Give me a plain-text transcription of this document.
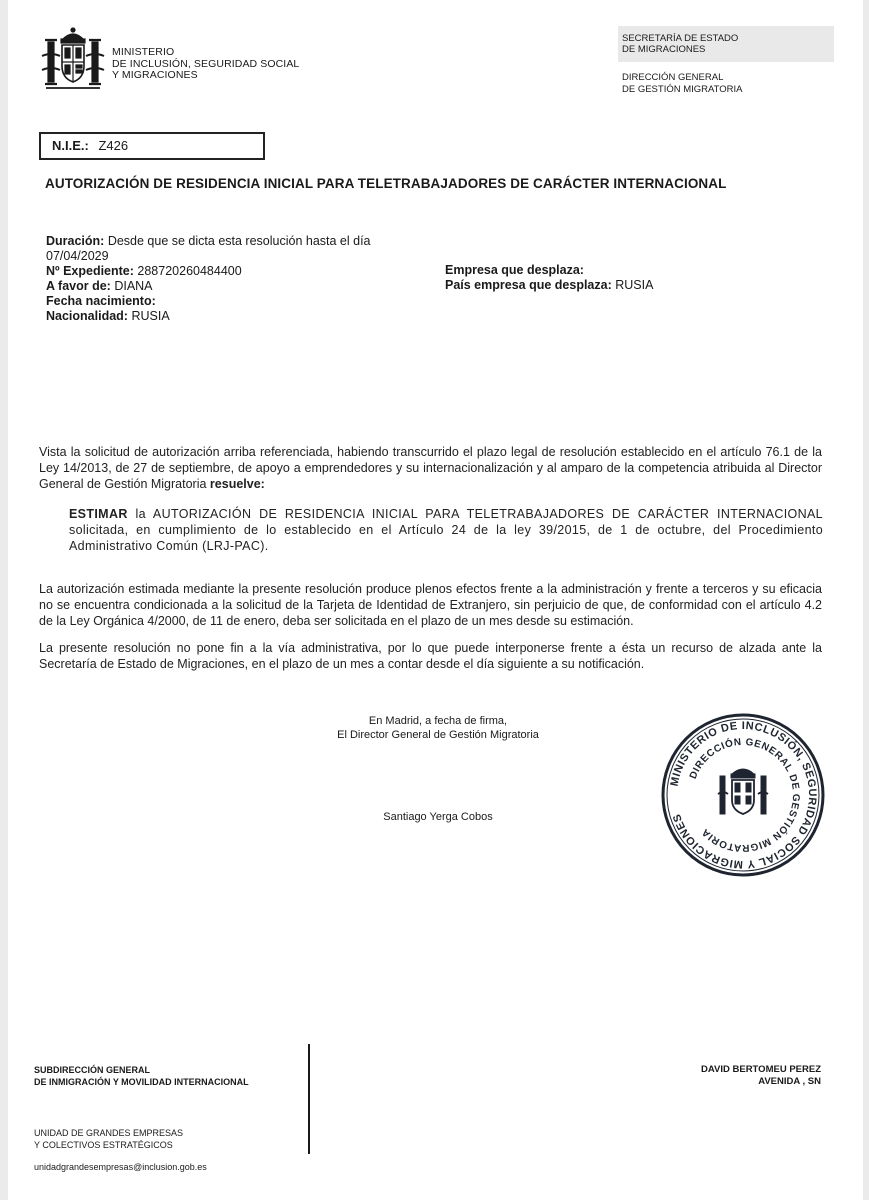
MINISTERIO
DE INCLUSIÓN, SEGURIDAD SOCIAL
Y MIGRACIONES
SECRETARÍA DE ESTADO
DE MIGRACIONES
DIRECCIÓN GENERAL
DE GESTIÓN MIGRATORIA
N.I.E.: Z426
AUTORIZACIÓN DE RESIDENCIA INICIAL PARA TELETRABAJADORES DE CARÁCTER INTERNACIONAL
Duración: Desde que se dicta esta resolución hasta el día
07/04/2029
Nº Expediente: 288720260484400
A favor de: DIANA
Fecha nacimiento:
Nacionalidad: RUSIA
Empresa que desplaza:
País empresa que desplaza: RUSIA
Vista la solicitud de autorización arriba referenciada, habiendo transcurrido el plazo legal de resolución establecido en el artículo 76.1 de la Ley 14/2013, de 27 de septiembre, de apoyo a emprendedores y su internacionalización y al amparo de la competencia atribuida al Director General de Gestión Migratoria resuelve:
ESTIMAR la AUTORIZACIÓN DE RESIDENCIA INICIAL PARA TELETRABAJADORES DE CARÁCTER INTERNACIONAL solicitada, en cumplimiento de lo establecido en el Artículo 24 de la ley 39/2015, de 1 de octubre, del Procedimiento Administrativo Común (LRJ-PAC).
La autorización estimada mediante la presente resolución produce plenos efectos frente a la administración y frente a terceros y su eficacia no se encuentra condicionada a la solicitud de la Tarjeta de Identidad de Extranjero, sin perjuicio de que, de conformidad con el artículo 4.2 de la Ley Orgánica 4/2000, de 11 de enero, deba ser solicitada en el plazo de un mes desde su estimación.
La presente resolución no pone fin a la vía administrativa, por lo que puede interponerse frente a ésta un recurso de alzada ante la Secretaría de Estado de Migraciones, en el plazo de un mes a contar desde el día siguiente a su notificación.
En Madrid, a fecha de firma,
El Director General de Gestión Migratoria
Santiago Yerga Cobos
MINISTERIO DE INCLUSIÓN, SEGURIDAD SOCIAL Y MIGRACIONES
DIRECCIÓN GENERAL DE GESTIÓN MIGRATORIA
SUBDIRECCIÓN GENERAL
DE INMIGRACIÓN Y MOVILIDAD INTERNACIONAL
UNIDAD DE GRANDES EMPRESAS
Y COLECTIVOS ESTRATÉGICOS
unidadgrandesempresas@inclusion.gob.es
DAVID BERTOMEU PEREZ
AVENIDA , SN
